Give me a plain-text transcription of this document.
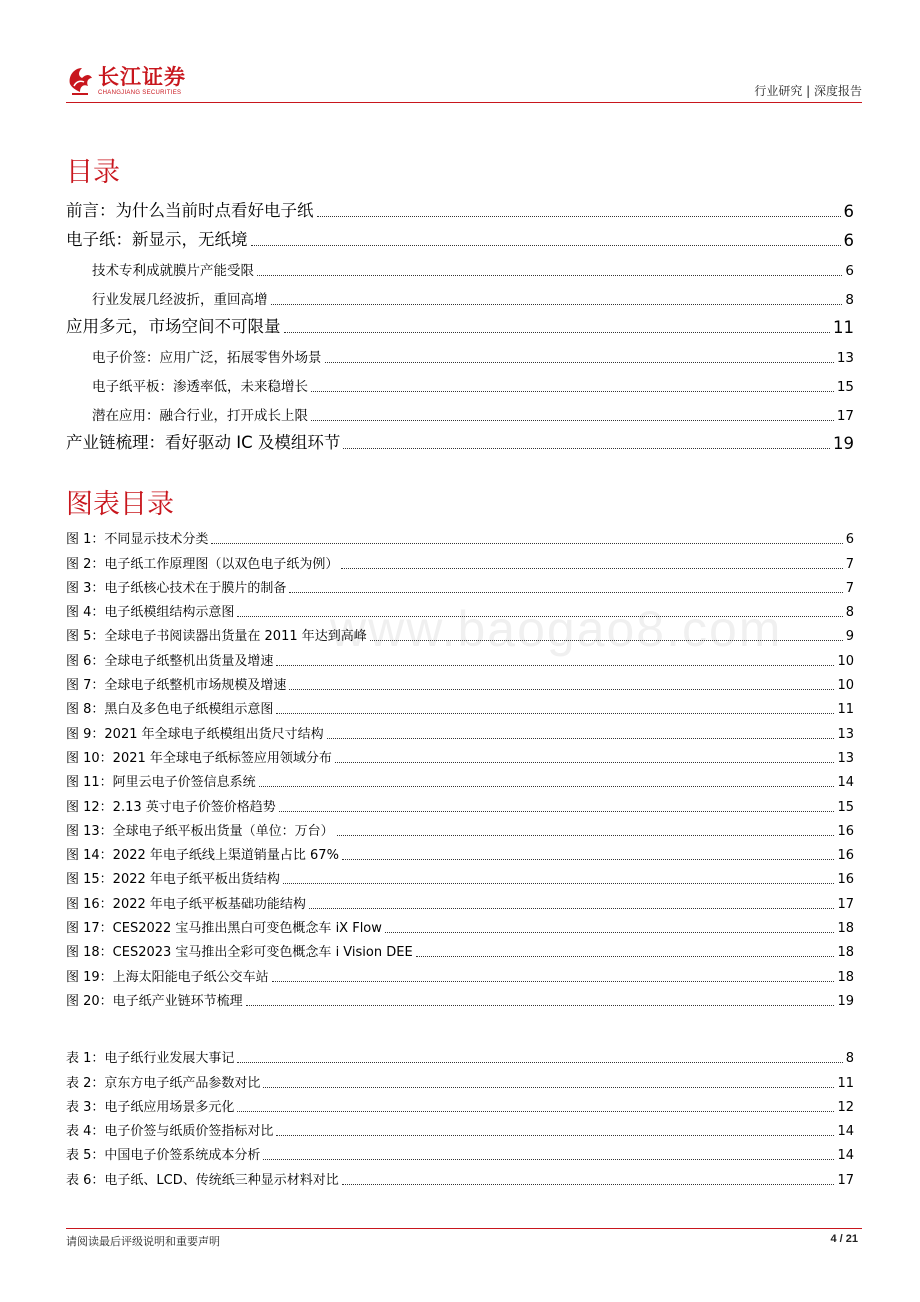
长江证券
CHANGJIANG SECURITIES	行业研究 | 深度报告
www.baogao8.com
目录
前言：为什么当前时点看好电子纸	6
电子纸：新显示，无纸境	6
技术专利成就膜片产能受限	6
行业发展几经波折，重回高增	8
应用多元，市场空间不可限量	11
电子价签：应用广泛，拓展零售外场景	13
电子纸平板：渗透率低，未来稳增长	15
潜在应用：融合行业，打开成长上限	17
产业链梳理：看好驱动 IC 及模组环节	19
图表目录
图 1：不同显示技术分类	6
图 2：电子纸工作原理图（以双色电子纸为例）	7
图 3：电子纸核心技术在于膜片的制备	7
图 4：电子纸模组结构示意图	8
图 5：全球电子书阅读器出货量在 2011 年达到高峰	9
图 6：全球电子纸整机出货量及增速	10
图 7：全球电子纸整机市场规模及增速	10
图 8：黑白及多色电子纸模组示意图	11
图 9：2021 年全球电子纸模组出货尺寸结构	13
图 10：2021 年全球电子纸标签应用领域分布	13
图 11：阿里云电子价签信息系统	14
图 12：2.13 英寸电子价签价格趋势	15
图 13：全球电子纸平板出货量（单位：万台）	16
图 14：2022 年电子纸线上渠道销量占比 67%	16
图 15：2022 年电子纸平板出货结构	16
图 16：2022 年电子纸平板基础功能结构	17
图 17：CES2022 宝马推出黑白可变色概念车 iX Flow	18
图 18：CES2023 宝马推出全彩可变色概念车 i Vision DEE	18
图 19：上海太阳能电子纸公交车站	18
图 20：电子纸产业链环节梳理	19
表 1：电子纸行业发展大事记	8
表 2：京东方电子纸产品参数对比	11
表 3：电子纸应用场景多元化	12
表 4：电子价签与纸质价签指标对比	14
表 5：中国电子价签系统成本分析	14
表 6：电子纸、LCD、传统纸三种显示材料对比	17
请阅读最后评级说明和重要声明	4 / 21
